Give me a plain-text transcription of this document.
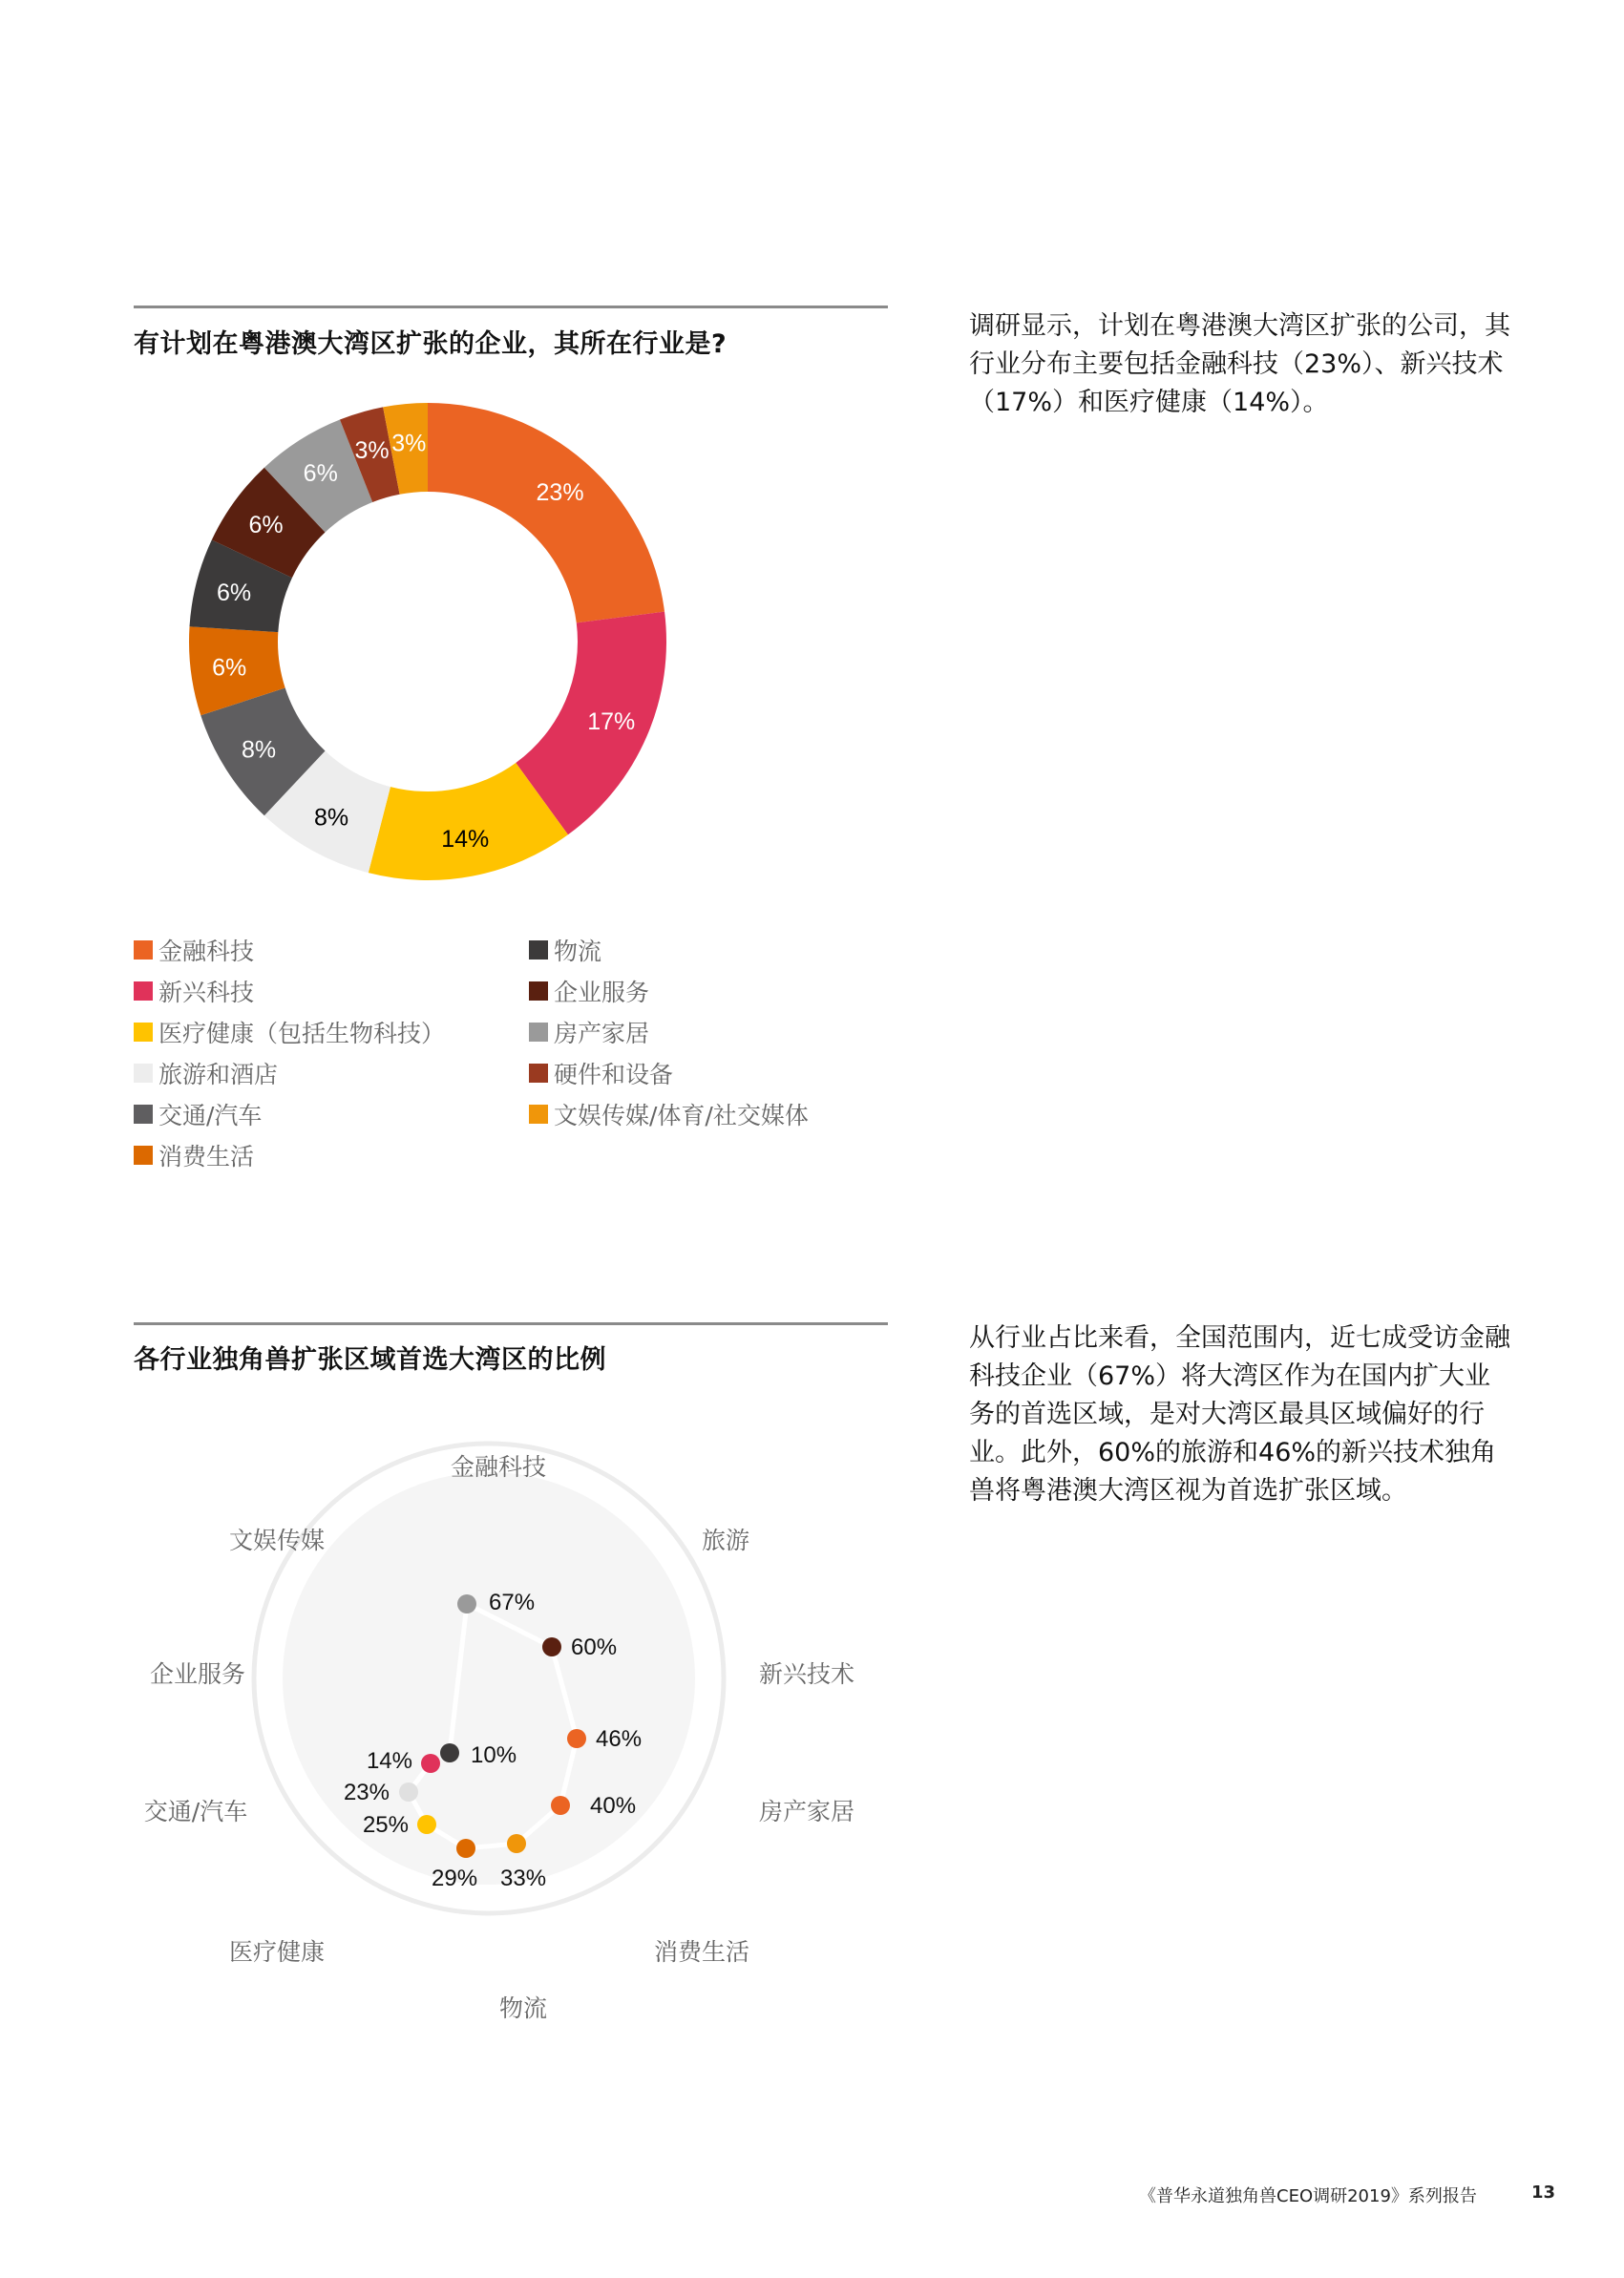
有计划在粤港澳大湾区扩张的企业，其所在行业是?
调研显示，计划在粤港澳大湾区扩张的公司，其行业分布主要包括金融科技（23%）、新兴技术（17%）和医疗健康（14%）。
23%
17%
14%
8%
8%
6%
6%
6%
6%
3% 3%
金融科技
新兴科技
医疗健康（包括生物科技）
旅游和酒店
交通/汽车
消费生活
物流
企业服务
房产家居
硬件和设备
文娱传媒/体育/社交媒体
各行业独角兽扩张区域首选大湾区的比例
从行业占比来看，全国范围内，近七成受访金融科技企业（67%）将大湾区作为在国内扩大业务的首选区域，是对大湾区最具区域偏好的行业。此外，60%的旅游和46%的新兴技术独角兽将粤港澳大湾区视为首选扩张区域。
67%
60%
46%
40%
33%
29%
25%
23%
14%	10%
金融科技
旅游
新兴技术
房产家居
消费生活
物流
医疗健康
交通/汽车
企业服务
文娱传媒
《普华永道独角兽CEO调研2019》系列报告	13
